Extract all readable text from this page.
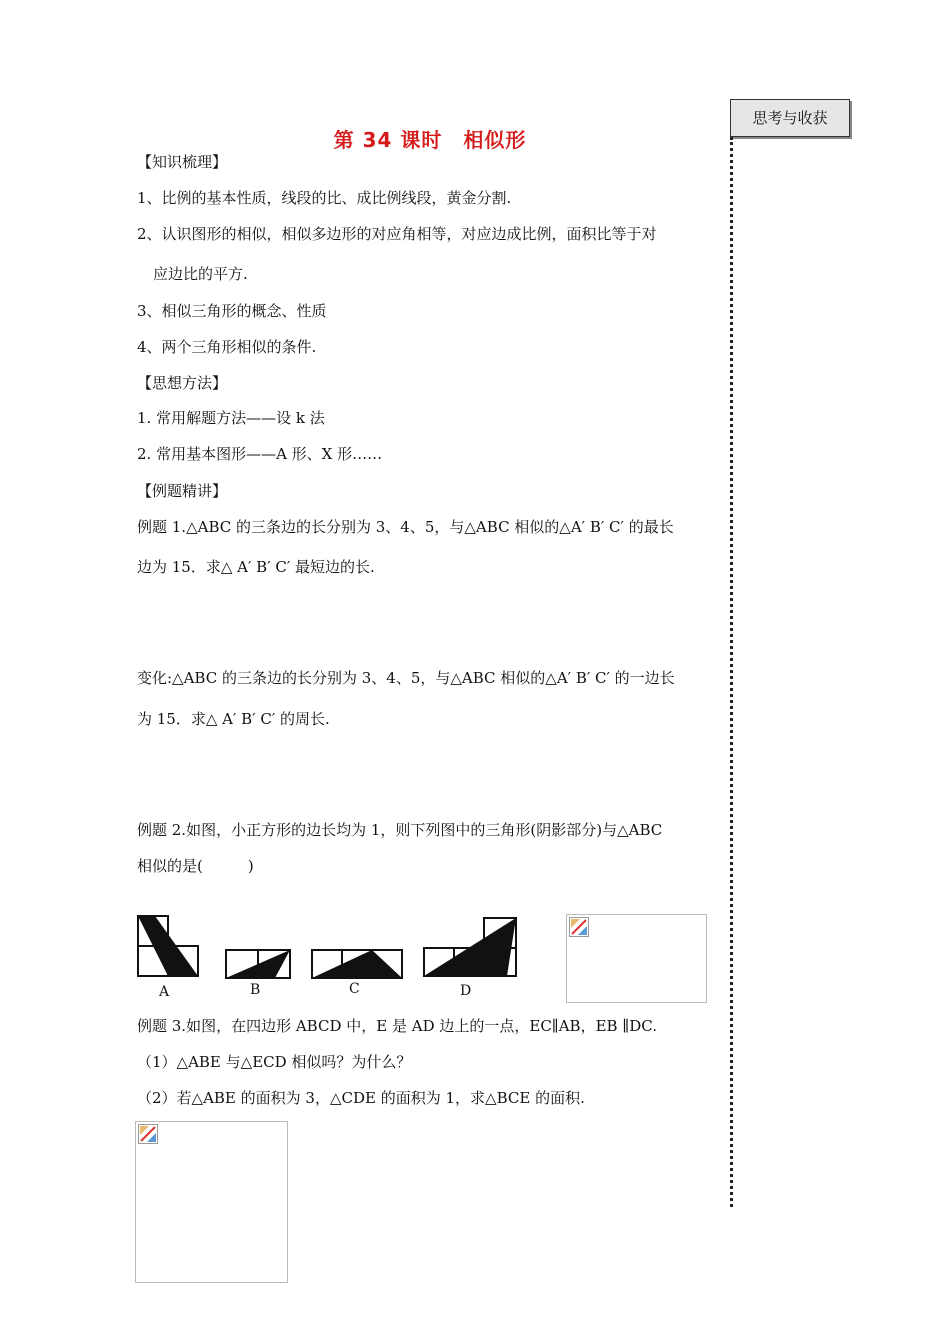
第 34 课时　相似形
思考与收获
【知识梳理】
1、比例的基本性质，线段的比、成比例线段，黄金分割.
2、认识图形的相似，相似多边形的对应角相等，对应边成比例，面积比等于对
应边比的平方.
3、相似三角形的概念、性质
4、两个三角形相似的条件.
【思想方法】
1. 常用解题方法——设 k 法
2. 常用基本图形——A 形、X 形……
【例题精讲】
例题 1.△ABC 的三条边的长分别为 3、4、5，与△ABC 相似的△A′ B′ C′ 的最长
边为 15．求△ A′ B′ C′ 最短边的长.
变化:△ABC 的三条边的长分别为 3、4、5，与△ABC 相似的△A′ B′ C′ 的一边长
为 15．求△ A′ B′ C′ 的周长.
例题 2.如图，小正方形的边长均为 1，则下列图中的三角形(阴影部分)与△ABC
相似的是(　　　)
A	B	C	D
例题 3.如图，在四边形 ABCD 中，E 是 AD 边上的一点，EC∥AB，EB ∥DC.
（1）△ABE 与△ECD 相似吗？为什么？
（2）若△ABE 的面积为 3，△CDE 的面积为 1，求△BCE 的面积.
